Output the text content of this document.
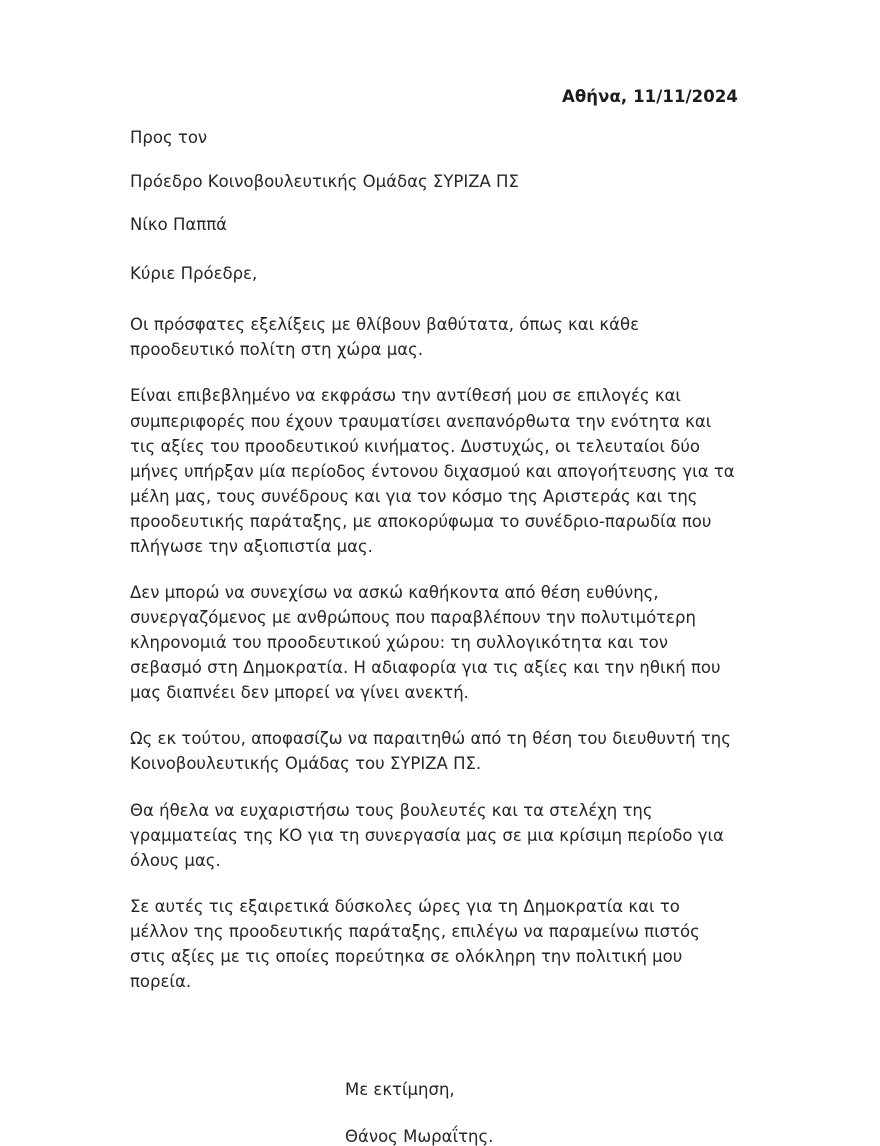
Αθήνα, 11/11/2024
Προς τον
Πρόεδρο Κοινοβουλευτικής Ομάδας ΣΥΡΙΖΑ ΠΣ
Νίκο Παππά
Κύριε Πρόεδρε,

Οι πρόσφατες εξελίξεις με θλίβουν βαθύτατα, όπως και κάθε προοδευτικό πολίτη στη χώρα μας.

Είναι επιβεβλημένο να εκφράσω την αντίθεσή μου σε επιλογές και συμπεριφορές που έχουν τραυματίσει ανεπανόρθωτα την ενότητα και τις αξίες του προοδευτικού κινήματος. Δυστυχώς, οι τελευταίοι δύο μήνες υπήρξαν μία περίοδος έντονου διχασμού και απογοήτευσης για τα μέλη μας, τους συνέδρους και για τον κόσμο της Αριστεράς και της προοδευτικής παράταξης, με αποκορύφωμα το συνέδριο-παρωδία που πλήγωσε την αξιοπιστία μας.

Δεν μπορώ να συνεχίσω να ασκώ καθήκοντα από θέση ευθύνης, συνεργαζόμενος με ανθρώπους που παραβλέπουν την πολυτιμότερη κληρονομιά του προοδευτικού χώρου: τη συλλογικότητα και τον σεβασμό στη Δημοκρατία. Η αδιαφορία για τις αξίες και την ηθική που μας διαπνέει δεν μπορεί να γίνει ανεκτή.

Ως εκ τούτου, αποφασίζω να παραιτηθώ από τη θέση του διευθυντή της Κοινοβουλευτικής Ομάδας του ΣΥΡΙΖΑ ΠΣ.

Θα ήθελα να ευχαριστήσω τους βουλευτές και τα στελέχη της γραμματείας της ΚΟ για τη συνεργασία μας σε μια κρίσιμη περίοδο για όλους μας.

Σε αυτές τις εξαιρετικά δύσκολες ώρες για τη Δημοκρατία και το μέλλον της προοδευτικής παράταξης, επιλέγω να παραμείνω πιστός στις αξίες με τις οποίες πορεύτηκα σε ολόκληρη την πολιτική μου πορεία.

Με εκτίμηση,
Θάνος Μωραΐτης.
